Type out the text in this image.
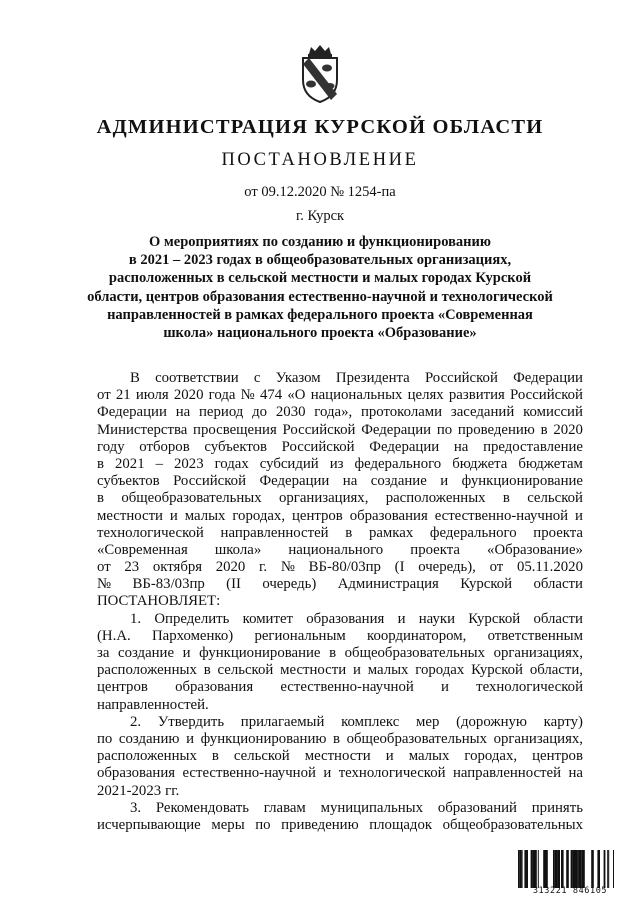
АДМИНИСТРАЦИЯ КУРСКОЙ ОБЛАСТИ
ПОСТАНОВЛЕНИЕ
от 09.12.2020 № 1254-па
г. Курск
О мероприятиях по созданию и функционированию
в 2021 – 2023 годах в общеобразовательных организациях,
расположенных в сельской местности и малых городах Курской
области, центров образования естественно-научной и технологической
направленностей в рамках федерального проекта «Современная
школа» национального проекта «Образование»
В соответствии с Указом Президента Российской Федерации
от 21 июля 2020 года № 474 «О национальных целях развития Российской
Федерации на период до 2030 года», протоколами заседаний комиссий
Министерства просвещения Российской Федерации по проведению в 2020
году отборов субъектов Российской Федерации на предоставление
в 2021 – 2023 годах субсидий из федерального бюджета бюджетам
субъектов Российской Федерации на создание и функционирование
в общеобразовательных организациях, расположенных в сельской
местности и малых городах, центров образования естественно-научной и
технологической направленностей в рамках федерального проекта
«Современная школа» национального проекта «Образование»
от 23 октября 2020 г. № ВБ-80/03пр (I очередь), от 05.11.2020
№ ВБ-83/03пр (II очередь) Администрация Курской области
ПОСТАНОВЛЯЕТ:
1. Определить комитет образования и науки Курской области
(Н.А. Пархоменко) региональным координатором, ответственным
за создание и функционирование в общеобразовательных организациях,
расположенных в сельской местности и малых городах Курской области,
центров образования естественно-научной и технологической
направленностей.
2. Утвердить прилагаемый комплекс мер (дорожную карту)
по созданию и функционированию в общеобразовательных организациях,
расположенных в сельской местности и малых городах, центров
образования естественно-научной и технологической направленностей на
2021-2023 гг.
3. Рекомендовать главам муниципальных образований принять
исчерпывающие меры по приведению площадок общеобразовательных
313221 846105
